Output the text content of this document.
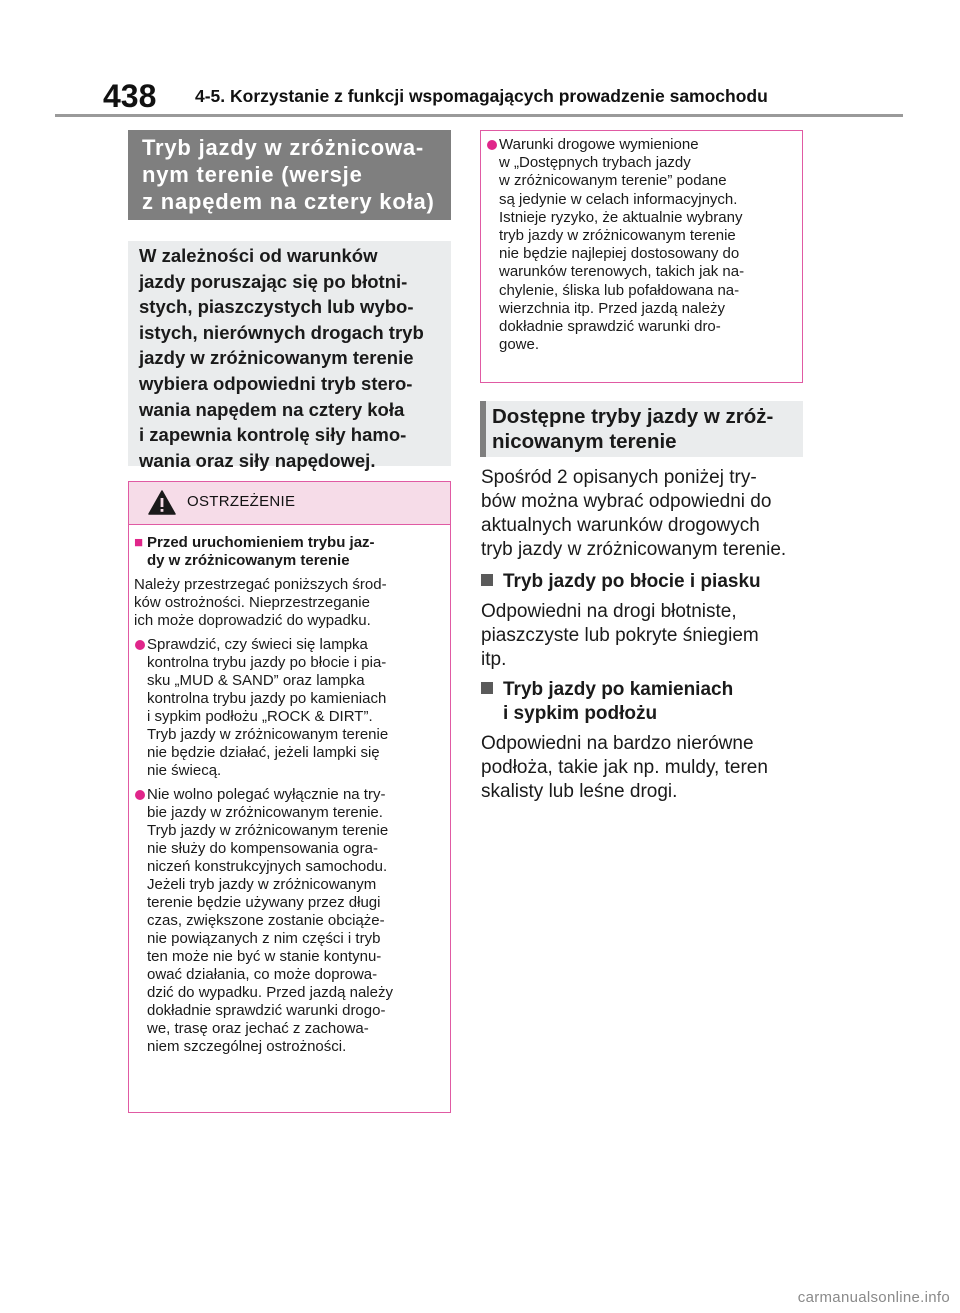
438 4-5. Korzystanie z funkcji wspomagających prowadzenie samochodu
Tryb jazdy w zróżnicowa-
nym terenie (wersje
z napędem na cztery koła)
W zależności od warunków
jazdy poruszając się po błotni-
stych, piaszczystych lub wybo-
istych, nierównych drogach tryb
jazdy w zróżnicowanym terenie
wybiera odpowiedni tryb stero-
wania napędem na cztery koła
i zapewnia kontrolę siły hamo-
wania oraz siły napędowej.
OSTRZEŻENIE
■ Przed uruchomieniem trybu jaz-
dy w zróżnicowanym terenie
Należy przestrzegać poniższych środ-
ków ostrożności. Nieprzestrzeganie
ich może doprowadzić do wypadku.
Sprawdzić, czy świeci się lampka
kontrolna trybu jazdy po błocie i pia-
sku „MUD & SAND” oraz lampka
kontrolna trybu jazdy po kamieniach
i sypkim podłożu „ROCK & DIRT”.
Tryb jazdy w zróżnicowanym terenie
nie będzie działać, jeżeli lampki się
nie świecą.
Nie wolno polegać wyłącznie na try-
bie jazdy w zróżnicowanym terenie.
Tryb jazdy w zróżnicowanym terenie
nie służy do kompensowania ogra-
niczeń konstrukcyjnych samochodu.
Jeżeli tryb jazdy w zróżnicowanym
terenie będzie używany przez długi
czas, zwiększone zostanie obciąże-
nie powiązanych z nim części i tryb
ten może nie być w stanie kontynu-
ować działania, co może doprowa-
dzić do wypadku. Przed jazdą należy
dokładnie sprawdzić warunki drogo-
we, trasę oraz jechać z zachowa-
niem szczególnej ostrożności.
Warunki drogowe wymienione
w „Dostępnych trybach jazdy
w zróżnicowanym terenie” podane
są jedynie w celach informacyjnych.
Istnieje ryzyko, że aktualnie wybrany
tryb jazdy w zróżnicowanym terenie
nie będzie najlepiej dostosowany do
warunków terenowych, takich jak na-
chylenie, śliska lub pofałdowana na-
wierzchnia itp. Przed jazdą należy
dokładnie sprawdzić warunki dro-
gowe.
Dostępne tryby jazdy w zróż-
nicowanym terenie
Spośród 2 opisanych poniżej try-
bów można wybrać odpowiedni do
aktualnych warunków drogowych
tryb jazdy w zróżnicowanym terenie.
Tryb jazdy po błocie i piasku
Odpowiedni na drogi błotniste,
piaszczyste lub pokryte śniegiem
itp.
Tryb jazdy po kamieniach
i sypkim podłożu
Odpowiedni na bardzo nierówne
podłoża, takie jak np. muldy, teren
skalisty lub leśne drogi.
carmanualsonline.info
